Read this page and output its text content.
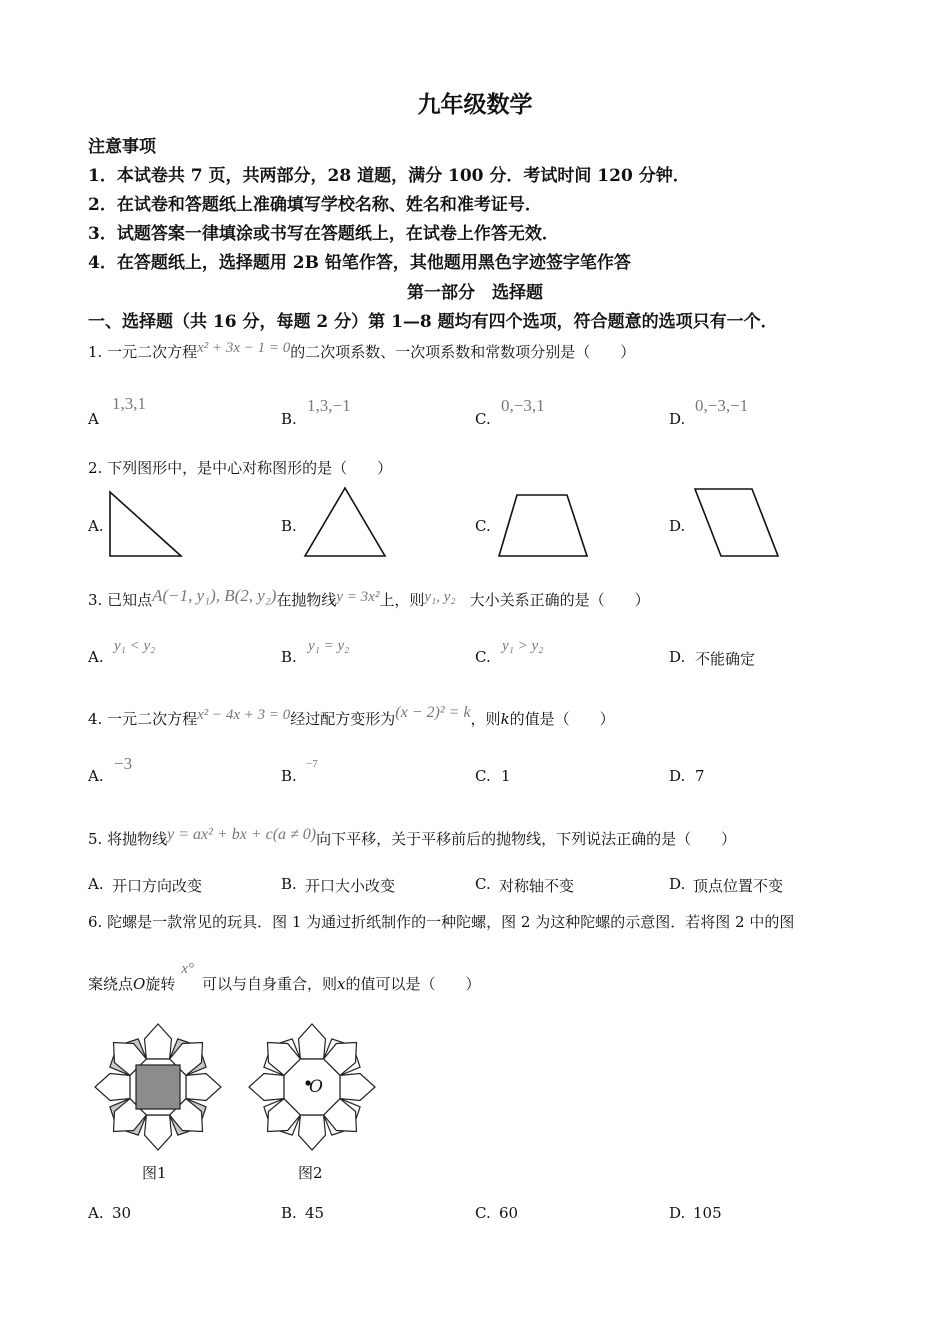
九年级数学
注意事项
1．本试卷共 7 页，共两部分，28 道题，满分 100 分．考试时间 120 分钟．
2．在试卷和答题纸上准确填写学校名称、姓名和准考证号．
3．试题答案一律填涂或书写在答题纸上，在试卷上作答无效．
4．在答题纸上，选择题用 2B 铅笔作答，其他题用黑色字迹签字笔作答
第一部分　选择题
一、选择题（共 16 分，每题 2 分）第 1—8 题均有四个选项，符合题意的选项只有一个．
1. 一元二次方程x² + 3x − 1 = 0的二次项系数、一次项系数和常数项分别是（　　）
A
1,3,1
B.
1,3,−1
C.
0,−3,1
D.
0,−3,−1
2. 下列图形中，是中心对称图形的是（　　）
A.	B.	C.	D.
3. 已知点A(−1, y₁), B(2, y₂)在抛物线y = 3x²上，则y₁, y₂ 大小关系正确的是（　　）
A.
y₁ < y₂
B.
y₁ = y₂
C.
y₁ > y₂
D. 不能确定
4. 一元二次方程x² − 4x + 3 = 0经过配方变形为(x − 2)² = k，则k的值是（　　）
A.
−3
B.
−7
C. 1	D. 7
5. 将抛物线y = ax² + bx + c(a ≠ 0)向下平移，关于平移前后的抛物线，下列说法正确的是（　　）
A. 开口方向改变	B. 开口大小改变	C. 对称轴不变	D. 顶点位置不变
6. 陀螺是一款常见的玩具．图 1 为通过折纸制作的一种陀螺，图 2 为这种陀螺的示意图．若将图 2 中的图
案绕点O旋转x°可以与自身重合，则x的值可以是（　　）
图1	图2
O
A. 30	B. 45	C. 60	D. 105
